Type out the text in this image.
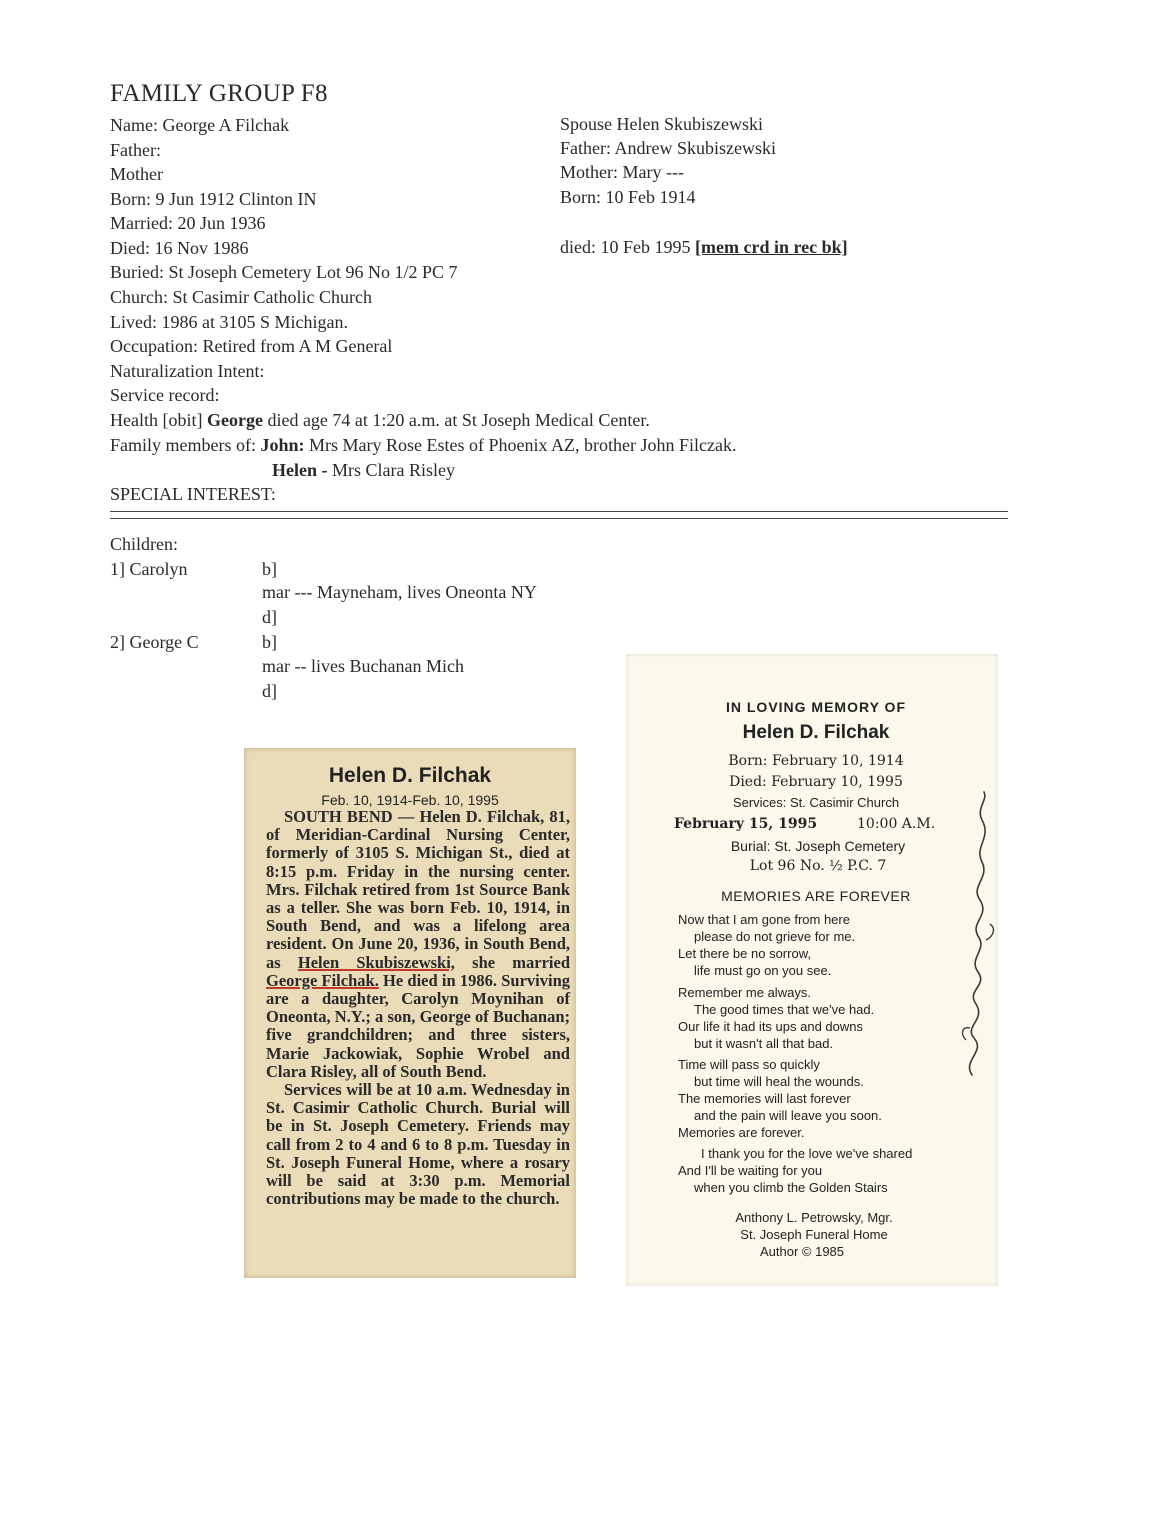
FAMILY GROUP F8
Name: George A Filchak
Father:
Mother
Born: 9 Jun 1912 Clinton IN
Married: 20 Jun 1936
Died: 16 Nov 1986
Buried: St Joseph Cemetery Lot 96 No 1/2 PC 7
Church: St Casimir Catholic Church
Lived: 1986 at 3105 S Michigan.
Occupation: Retired from A M General
Naturalization Intent:
Service record:
Spouse Helen Skubiszewski
Father: Andrew Skubiszewski
Mother: Mary ---
Born: 10 Feb 1914
died: 10 Feb 1995 [mem crd in rec bk]
Health [obit] George died age 74 at 1:20 a.m. at St Joseph Medical Center.
Family members of: John: Mrs Mary Rose Estes of Phoenix AZ, brother John Filczak.
Helen - Mrs Clara Risley
SPECIAL INTEREST:
Children:
1] Carolyn	b]
mar --- Mayneham, lives Oneonta NY
d]
2] George C	b]
mar -- lives Buchanan Mich
d]
Helen D. Filchak
Feb. 10, 1914-Feb. 10, 1995

SOUTH BEND — Helen D. Filchak, 81, of Meridian-Cardinal Nursing Center, formerly of 3105 S. Michigan St., died at 8:15 p.m. Friday in the nursing center. Mrs. Filchak retired from 1st Source Bank as a teller. She was born Feb. 10, 1914, in South Bend, and was a lifelong area resident. On June 20, 1936, in South Bend, as Helen Skubiszewski, she married George Filchak. He died in 1986. Surviving are a daughter, Carolyn Moynihan of Oneonta, N.Y.; a son, George of Buchanan; five grandchildren; and three sisters, Marie Jackowiak, Sophie Wrobel and Clara Risley, all of South Bend.

Services will be at 10 a.m. Wednesday in St. Casimir Catholic Church. Burial will be in St. Joseph Cemetery. Friends may call from 2 to 4 and 6 to 8 p.m. Tuesday in St. Joseph Funeral Home, where a rosary will be said at 3:30 p.m. Memorial contributions may be made to the church.

IN LOVING MEMORY OF
Helen D. Filchak
Born: February 10, 1914
Died: February 10, 1995
Services: St. Casimir Church
February 15, 1995	10:00 A.M.
Burial: St. Joseph Cemetery
Lot 96 No. ½ P.C. 7
MEMORIES ARE FOREVER
Now that I am gone from here
please do not grieve for me.
Let there be no sorrow,
life must go on you see.
Remember me always.
The good times that we've had.
Our life it had its ups and downs
but it wasn't all that bad.
Time will pass so quickly
but time will heal the wounds.
The memories will last forever
and the pain will leave you soon.
Memories are forever.
I thank you for the love we've shared
And I'll be waiting for you
when you climb the Golden Stairs
Anthony L. Petrowsky, Mgr.
St. Joseph Funeral Home
Author © 1985
